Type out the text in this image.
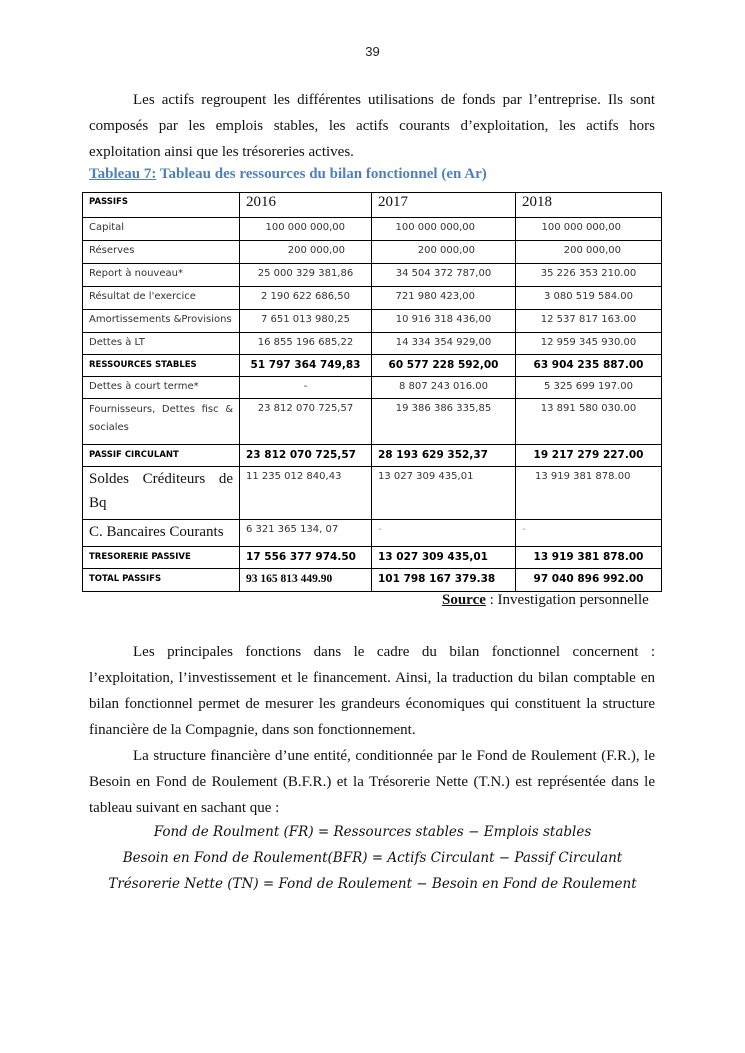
39

Les actifs regroupent les différentes utilisations de fonds par l’entreprise. Ils sont composés par les emplois stables, les actifs courants d’exploitation, les actifs hors exploitation ainsi que les trésoreries actives.

Tableau 7: Tableau des ressources du bilan fonctionnel (en Ar)
PASSIFS	2016	2017	2018
Capital	100 000 000,00	100 000 000,00	100 000 000,00
Réserves	200 000,00	200 000,00	200 000,00
Report à nouveau*	25 000 329 381,86	34 504 372 787,00	35 226 353 210.00
Résultat de l'exercice	2 190 622 686,50	721 980 423,00	3 080 519 584.00
Amortissements &Provisions	7 651 013 980,25	10 916 318 436,00	12 537 817 163.00
Dettes à LT	16 855 196 685,22	14 334 354 929,00	12 959 345 930.00
RESSOURCES STABLES	51 797 364 749,83	60 577 228 592,00	63 904 235 887.00
Dettes à court terme*	-	8 807 243 016.00	5 325 699 197.00
Fournisseurs, Dettes fisc & sociales	23 812 070 725,57	19 386 386 335,85	13 891 580 030.00
PASSIF CIRCULANT	23 812 070 725,57	28 193 629 352,37	19 217 279 227.00
Soldes Créditeurs de Bq	11 235 012 840,43	13 027 309 435,01	13 919 381 878.00
C. Bancaires Courants	6 321 365 134, 07	-	-
TRESORERIE PASSIVE	17 556 377 974.50	13 027 309 435,01	13 919 381 878.00
TOTAL PASSIFS	93 165 813 449.90	101 798 167 379.38	97 040 896 992.00
Source : Investigation personnelle

Les principales fonctions dans le cadre du bilan fonctionnel concernent : l’exploitation, l’investissement et le financement. Ainsi, la traduction du bilan comptable en bilan fonctionnel permet de mesurer les grandeurs économiques qui constituent la structure financière de la Compagnie, dans son fonctionnement.

La structure financière d’une entité, conditionnée par le Fond de Roulement (F.R.), le Besoin en Fond de Roulement (B.F.R.) et la Trésorerie Nette (T.N.) est représentée dans le tableau suivant en sachant que :

Fond de Roulment (FR) = Ressources stables − Emplois stables
Besoin en Fond de Roulement(BFR) = Actifs Circulant − Passif Circulant
Trésorerie Nette (TN) = Fond de Roulement − Besoin en Fond de Roulement
